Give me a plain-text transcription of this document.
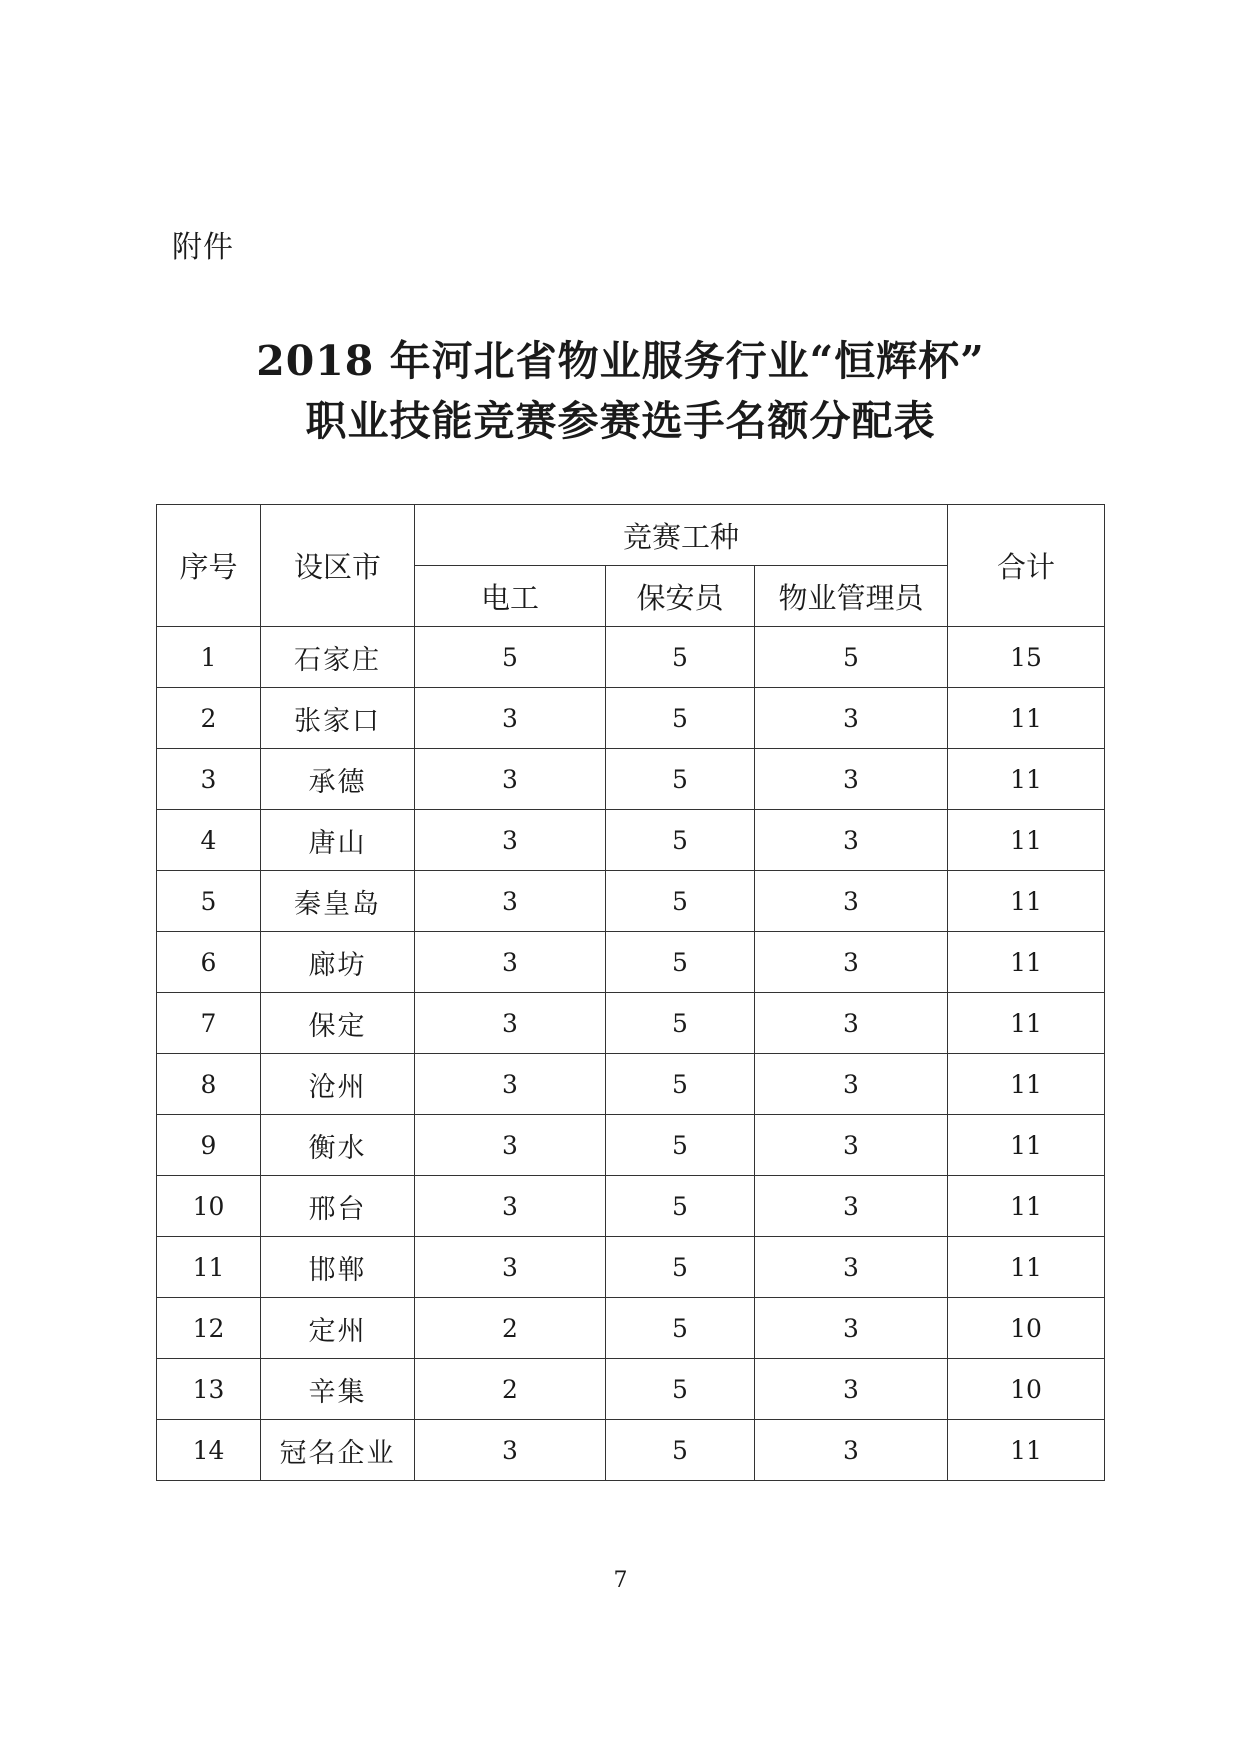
附件
2018 年河北省物业服务行业“恒辉杯”
职业技能竞赛参赛选手名额分配表
序号	设区市	竞赛工种			合计
		电工	保安员	物业管理员	
1	石家庄	5	5	5	15
2	张家口	3	5	3	11
3	承德	3	5	3	11
4	唐山	3	5	3	11
5	秦皇岛	3	5	3	11
6	廊坊	3	5	3	11
7	保定	3	5	3	11
8	沧州	3	5	3	11
9	衡水	3	5	3	11
10	邢台	3	5	3	11
11	邯郸	3	5	3	11
12	定州	2	5	3	10
13	辛集	2	5	3	10
14	冠名企业	3	5	3	11
7
